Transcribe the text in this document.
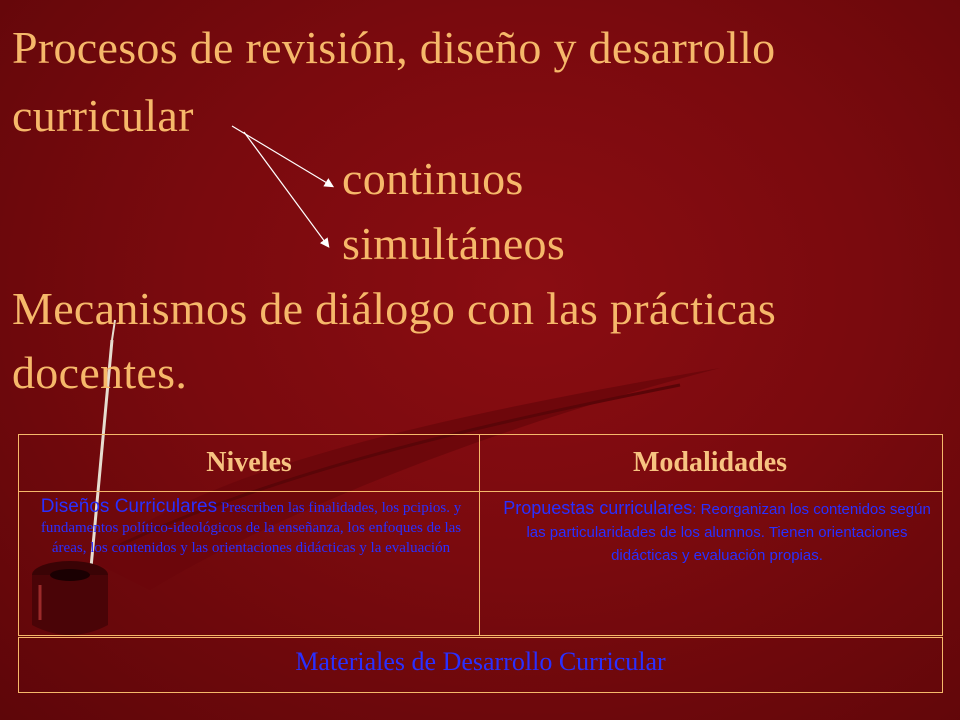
Procesos de revisión, diseño y desarrollo
curricular
continuos
simultáneos
Mecanismos de diálogo con las prácticas
docentes.
Niveles	Modalidades
Diseños Curriculares Prescriben las finalidades, los pcipios. y fundamentos político-ideológicos de la enseñanza, los enfoques de las áreas, los contenidos y las orientaciones didácticas y la evaluación
Propuestas curriculares: Reorganizan los contenidos según las particularidades de los alumnos. Tienen orientaciones didácticas y evaluación propias.
Materiales de Desarrollo Curricular
